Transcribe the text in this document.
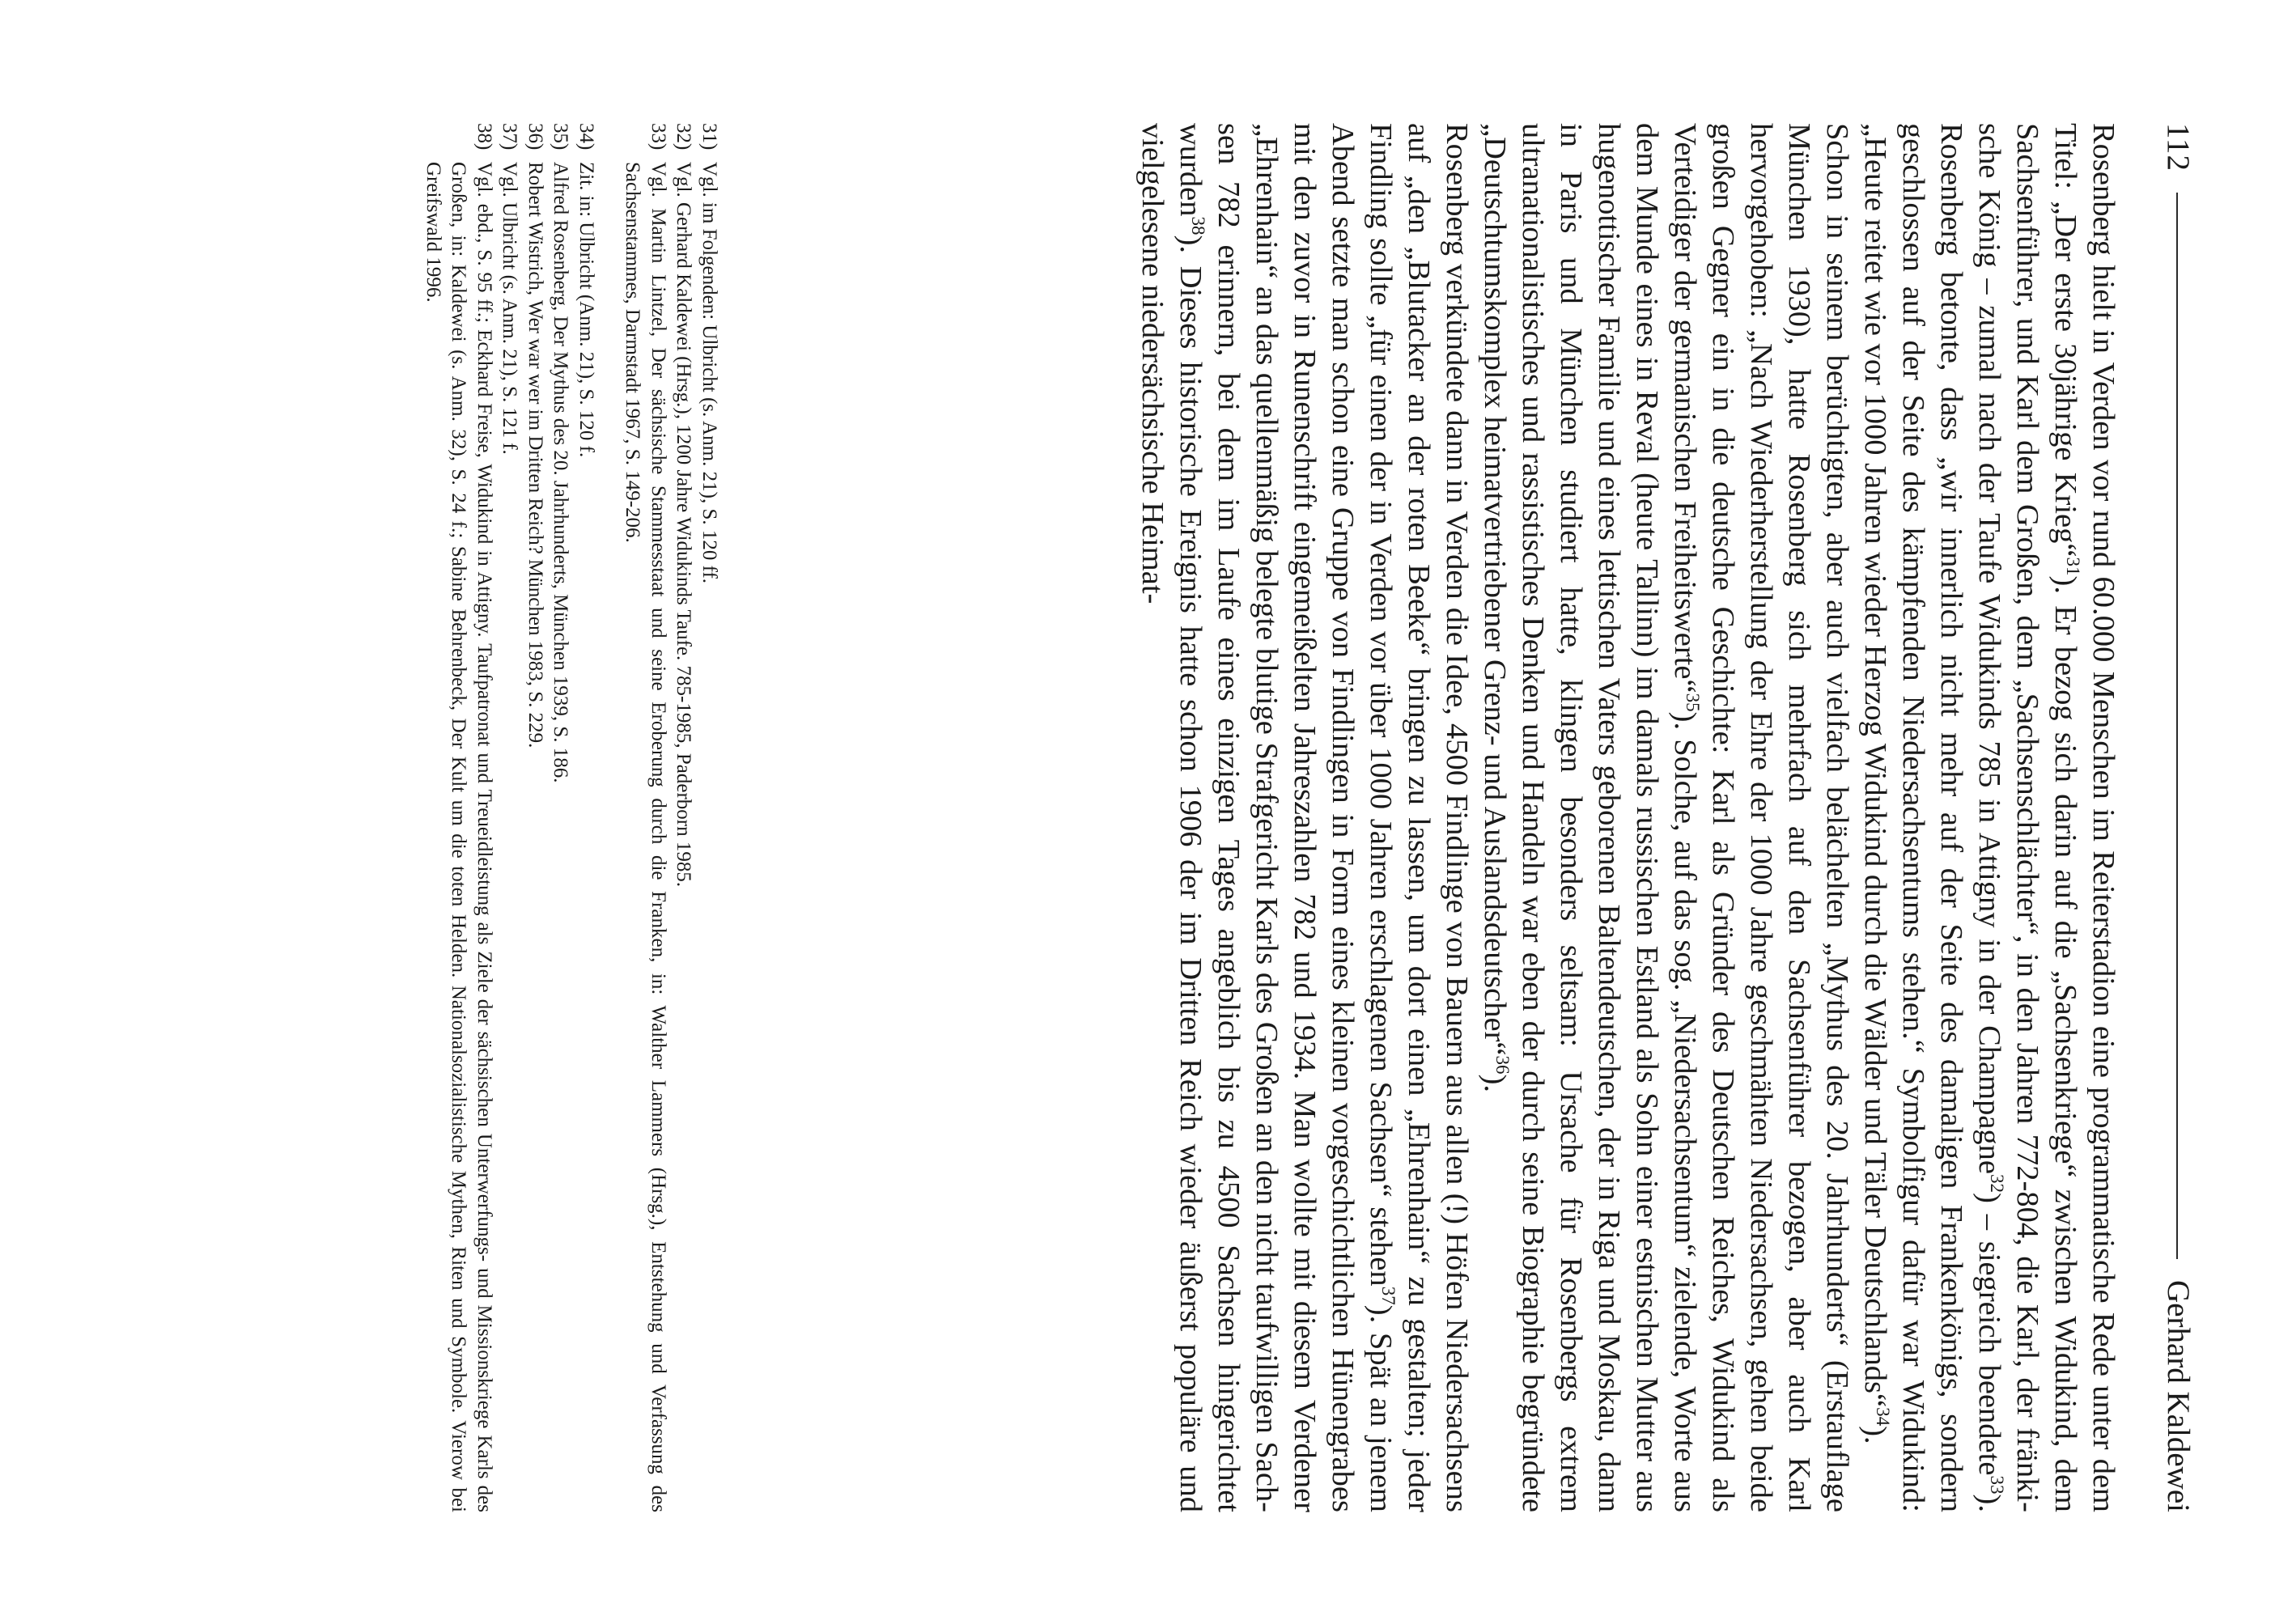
112
Gerhard Kaldewei

Rosenberg hielt in Verden vor rund 60.000 Menschen im Reiterstadion eine programmatische Rede unter dem Titel: „Der erste 30jährige Krieg“$^{31}$). Er bezog sich darin auf die „Sachsenkriege“ zwischen Widukind, dem Sachsenführer, und Karl dem Großen, dem „Sachsenschlächter“, in den Jahren 772-804, die Karl, der fränkische König – zumal nach der Taufe Widukinds 785 in Attigny in der Champagne$^{32}$) – siegreich beendete$^{33}$). Rosenberg betonte, dass „wir innerlich nicht mehr auf der Seite des damaligen Frankenkönigs, sondern geschlossen auf der Seite des kämpfenden Niedersachsentums stehen.“ Symbolfigur dafür war Widukind: „Heute reitet wie vor 1000 Jahren wieder Herzog Widukind durch die Wälder und Täler Deutschlands“$^{34}$).

Schon in seinem berüchtigten, aber auch vielfach belächelten „Mythus des 20. Jahrhunderts“ (Erstauflage München 1930), hatte Rosenberg sich mehrfach auf den Sachsenführer bezogen, aber auch Karl hervorgehoben: „Nach Wiederherstellung der Ehre der 1000 Jahre geschmähten Niedersachsen, gehen beide großen Gegner ein in die deutsche Geschichte: Karl als Gründer des Deutschen Reiches, Widukind als Verteidiger der germanischen Freiheitswerte“$^{35}$). Solche, auf das sog. „Niedersachsentum“ zielende, Worte aus dem Munde eines in Reval (heute Tallinn) im damals russischen Estland als Sohn einer estnischen Mutter aus hugenottischer Familie und eines lettischen Vaters geborenen Baltendeutschen, der in Riga und Moskau, dann in Paris und München studiert hatte, klingen besonders seltsam: Ursache für Rosenbergs extrem ultranationalistisches und rassistisches Denken und Handeln war eben der durch seine Biographie begründete „Deutschtumskomplex heimatvertriebener Grenz- und Auslandsdeutscher“$^{36}$).

Rosenberg verkündete dann in Verden die Idee, 4500 Findlinge von Bauern aus allen (!) Höfen Niedersachsens auf „den „Blutacker an der roten Beeke“ bringen zu lassen, um dort einen „Ehrenhain“ zu gestalten; jeder Findling sollte „für einen der in Verden vor über 1000 Jahren erschlagenen Sachsen“ stehen$^{37}$). Spät an jenem Abend setzte man schon eine Gruppe von Findlingen in Form eines kleinen vorgeschichtlichen Hünengrabes mit den zuvor in Runenschrift eingemeißelten Jahreszahlen 782 und 1934. Man wollte mit diesem Verdener „Ehrenhain“ an das quellenmäßig belegte blutige Strafgericht Karls des Großen an den nicht taufwilligen Sachsen 782 erinnern, bei dem im Laufe eines einzigen Tages angeblich bis zu 4500 Sachsen hingerichtet wurden$^{38}$). Dieses historische Ereignis hatte schon 1906 der im Dritten Reich wieder äußerst populäre und vielgelesene niedersächsische Heimat-

31)
Vgl. im Folgenden: Ulbricht (s. Anm. 21), S. 120 ff.
32)
Vgl. Gerhard Kaldewei (Hrsg.), 1200 Jahre Widukinds Taufe. 785-1985, Paderborn 1985.
33)
Vgl. Martin Lintzel, Der sächsische Stammesstaat und seine Eroberung durch die Franken, in: Walther Lammers (Hrsg.), Entstehung und Verfassung des Sachsenstammes, Darmstadt 1967, S. 149-206.
34)
Zit. in: Ulbricht (Anm. 21), S. 120 f.
35)
Alfred Rosenberg, Der Mythus des 20. Jahrhunderts, München 1939, S. 186.
36)
Robert Wistrich, Wer war wer im Dritten Reich? München 1983, S. 229.
37)
Vgl. Ulbricht (s. Anm. 21), S. 121 f.
38)
Vgl. ebd., S. 95 ff.; Eckhard Freise, Widukind in Attigny. Taufpatronat und Treueidleistung als Ziele der sächsischen Unterwerfungs- und Missionskriege Karls des Großen, in: Kaldewei (s. Anm. 32), S. 24 f.; Sabine Behrenbeck, Der Kult um die toten Helden. Nationalsozialistische Mythen, Riten und Symbole. Vierow bei Greifswald 1996.
